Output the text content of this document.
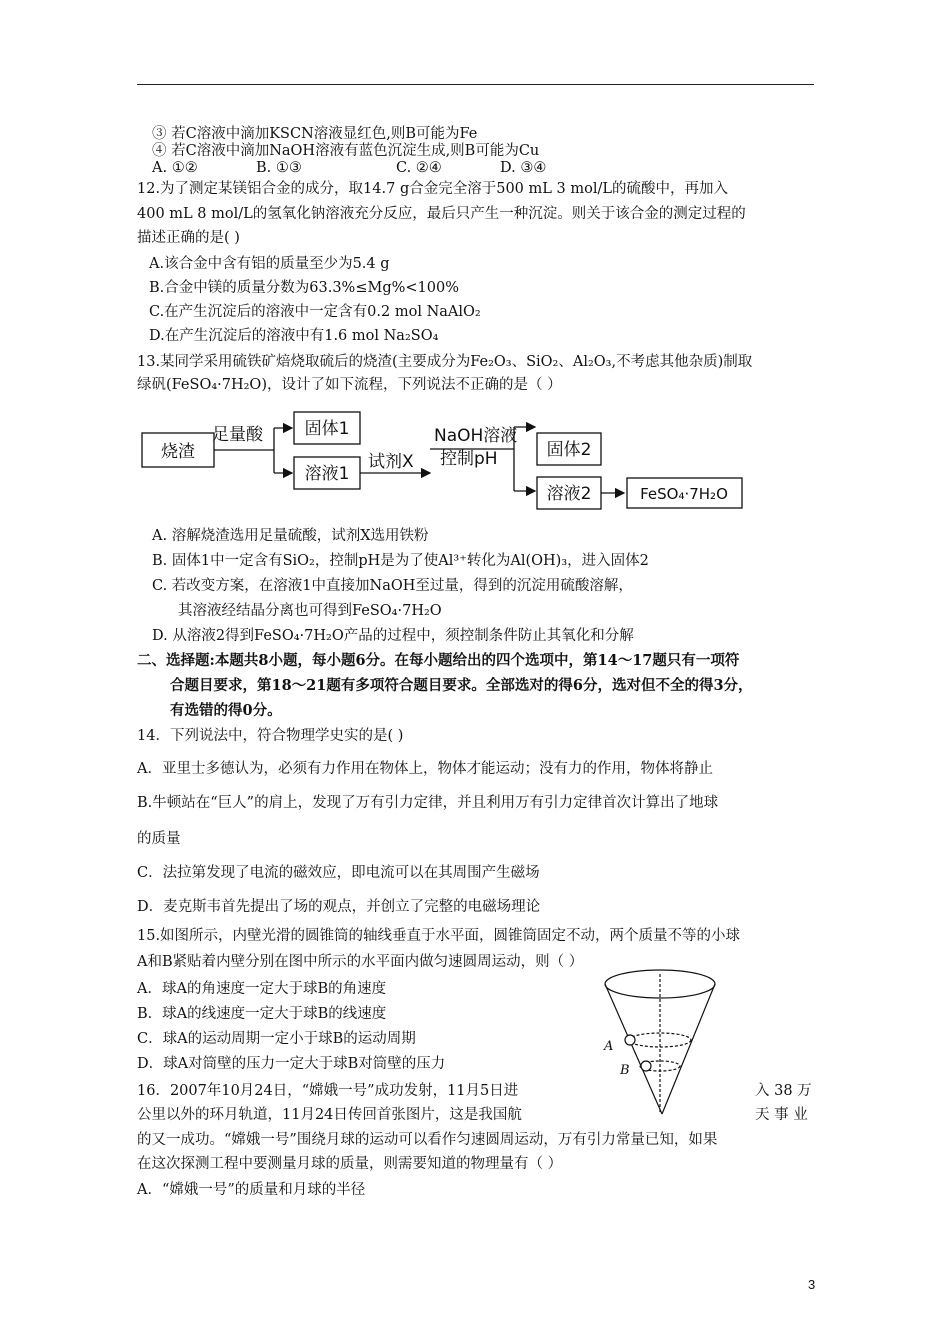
③ 若C溶液中滴加KSCN溶液显红色,则B可能为Fe
④ 若C溶液中滴加NaOH溶液有蓝色沉淀生成,则B可能为Cu
A. ①②	B. ①③	C. ②④	D. ③④
12.为了测定某镁铝合金的成分，取14.7 g合金完全溶于500 mL 3 mol/L的硫酸中，再加入
400 mL 8 mol/L的氢氧化钠溶液充分反应，最后只产生一种沉淀。则关于该合金的测定过程的
描述正确的是( )
A.该合金中含有铝的质量至少为5.4 g
B.合金中镁的质量分数为63.3%≤Mg%<100%
C.在产生沉淀后的溶液中一定含有0.2 mol NaAlO₂
D.在产生沉淀后的溶液中有1.6 mol Na₂SO₄
13.某同学采用硫铁矿焙烧取硫后的烧渣(主要成分为Fe₂O₃、SiO₂、Al₂O₃,不考虑其他杂质)制取
绿矾(FeSO₄·7H₂O)，设计了如下流程，下列说法不正确的是（ ）
烧渣
足量酸 固体1
溶液1
试剂X
NaOH溶液
控制pH	固体2
溶液2	FeSO₄·7H₂O
A. 溶解烧渣选用足量硫酸，试剂X选用铁粉
B. 固体1中一定含有SiO₂，控制pH是为了使Al³⁺转化为Al(OH)₃，进入固体2
C. 若改变方案，在溶液1中直接加NaOH至过量，得到的沉淀用硫酸溶解，
其溶液经结晶分离也可得到FeSO₄·7H₂O
D. 从溶液2得到FeSO₄·7H₂O产品的过程中，须控制条件防止其氧化和分解
二、选择题:本题共8小题，每小题6分。在每小题给出的四个选项中，第14～17题只有一项符
合题目要求，第18～21题有多项符合题目要求。全部选对的得6分，选对但不全的得3分，
有选错的得0分。
14．下列说法中，符合物理学史实的是( )
A．亚里士多德认为，必须有力作用在物体上，物体才能运动；没有力的作用，物体将静止
B.牛顿站在“巨人”的肩上，发现了万有引力定律，并且利用万有引力定律首次计算出了地球
的质量
C．法拉第发现了电流的磁效应，即电流可以在其周围产生磁场
D．麦克斯韦首先提出了场的观点，并创立了完整的电磁场理论
15.如图所示，内壁光滑的圆锥筒的轴线垂直于水平面，圆锥筒固定不动，两个质量不等的小球
A和B紧贴着内壁分别在图中所示的水平面内做匀速圆周运动，则（ ）
A．球A的角速度一定大于球B的角速度
B．球A的线速度一定大于球B的线速度
C．球A的运动周期一定小于球B的运动周期
D．球A对筒壁的压力一定大于球B对筒壁的压力
A
B
16．2007年10月24日，“嫦娥一号”成功发射，11月5日进	入 38 万
公里以外的环月轨道，11月24日传回首张图片，这是我国航	天 事 业
的又一成功。“嫦娥一号”围绕月球的运动可以看作匀速圆周运动，万有引力常量已知，如果
在这次探测工程中要测量月球的质量，则需要知道的物理量有（ ）
A．“嫦娥一号”的质量和月球的半径
3
